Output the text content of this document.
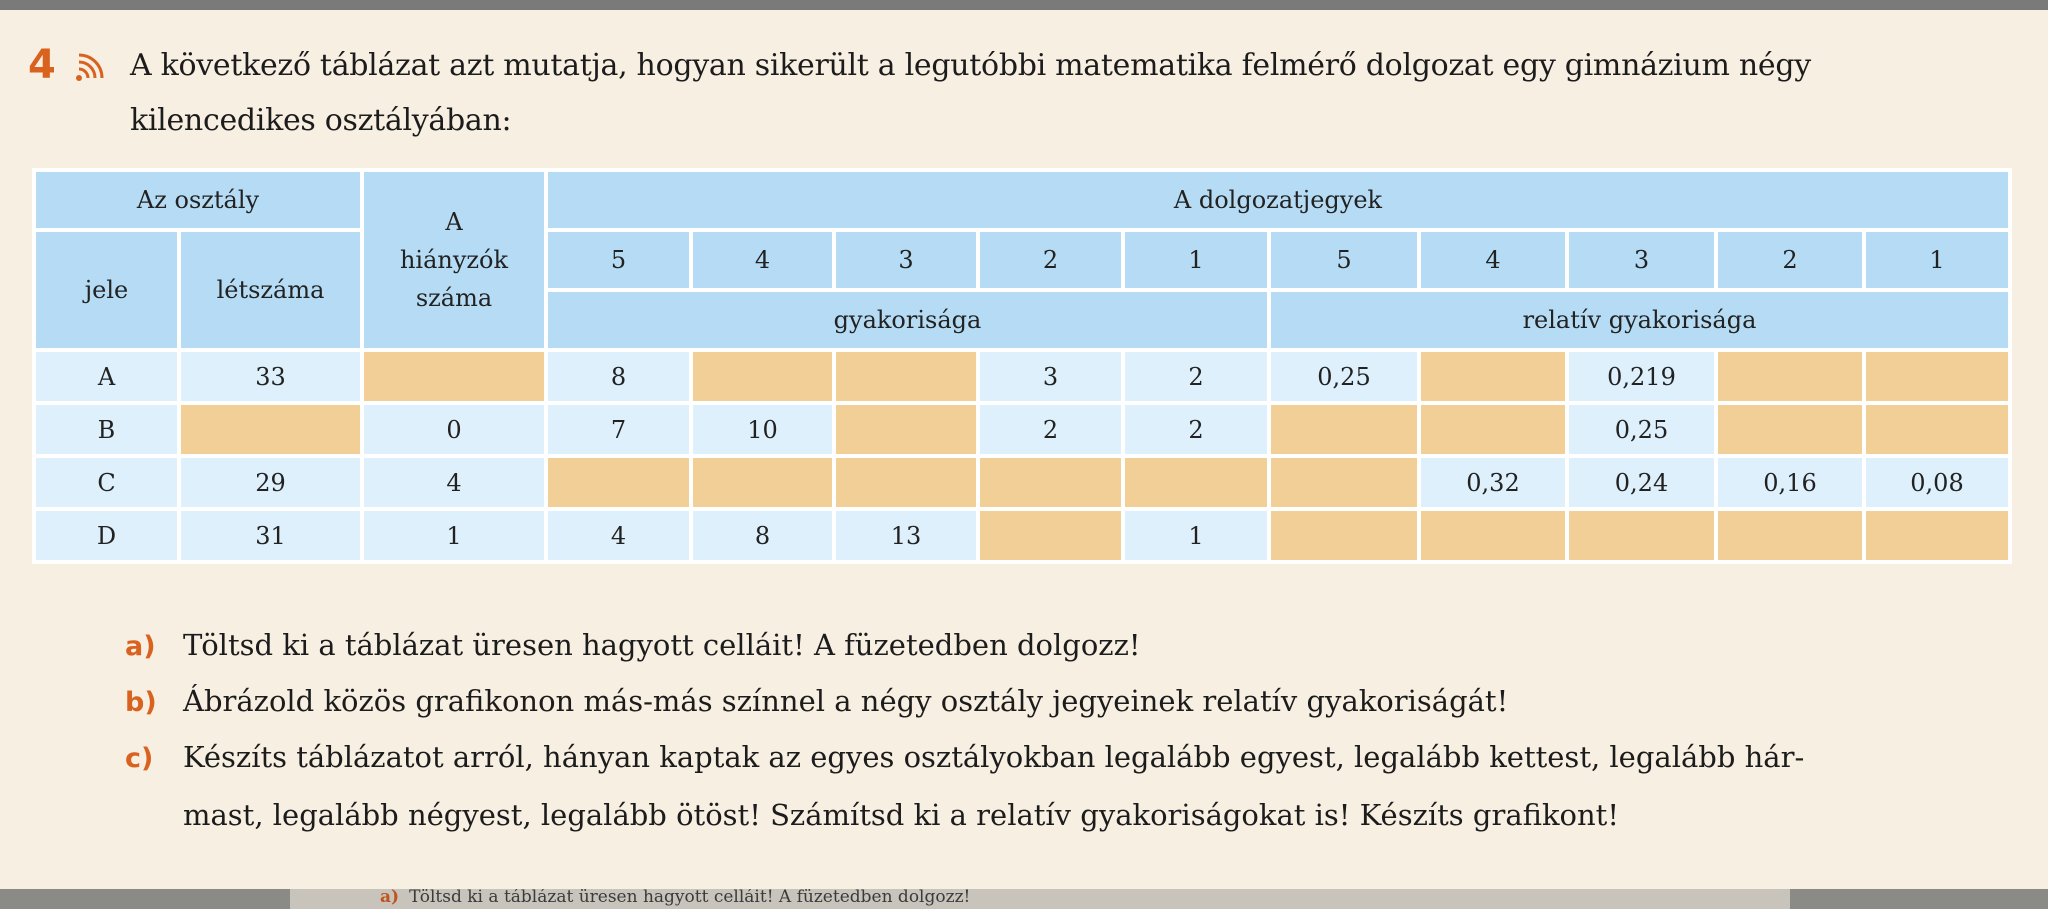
4 A következő táblázat azt mutatja, hogyan sikerült a legutóbbi matematika felmérő dolgozat egy gimnázium négy
kilencedikes osztályában:
Az osztály		A
hiányzók
száma	A dolgozatjegyek									
jele	létszáma		5	4	3	2	1	5	4	3	2	1
			gyakorisága					relatív gyakorisága				
A	33		8			3	2	0,25		0,219		
B		0	7	10		2	2			0,25		
C	29	4							0,32	0,24	0,16	0,08
D	31	1	4	8	13		1					
a) Töltsd ki a táblázat üresen hagyott celláit! A füzetedben dolgozz!
b) Ábrázold közös grafikonon más-más színnel a négy osztály jegyeinek relatív gyakoriságát!
c) Készíts táblázatot arról, hányan kaptak az egyes osztályokban legalább egyest, legalább kettest, legalább hár-
mast, legalább négyest, legalább ötöst! Számítsd ki a relatív gyakoriságokat is! Készíts grafikont!
a) Töltsd ki a táblázat üresen hagyott celláit! A füzetedben dolgozz!
